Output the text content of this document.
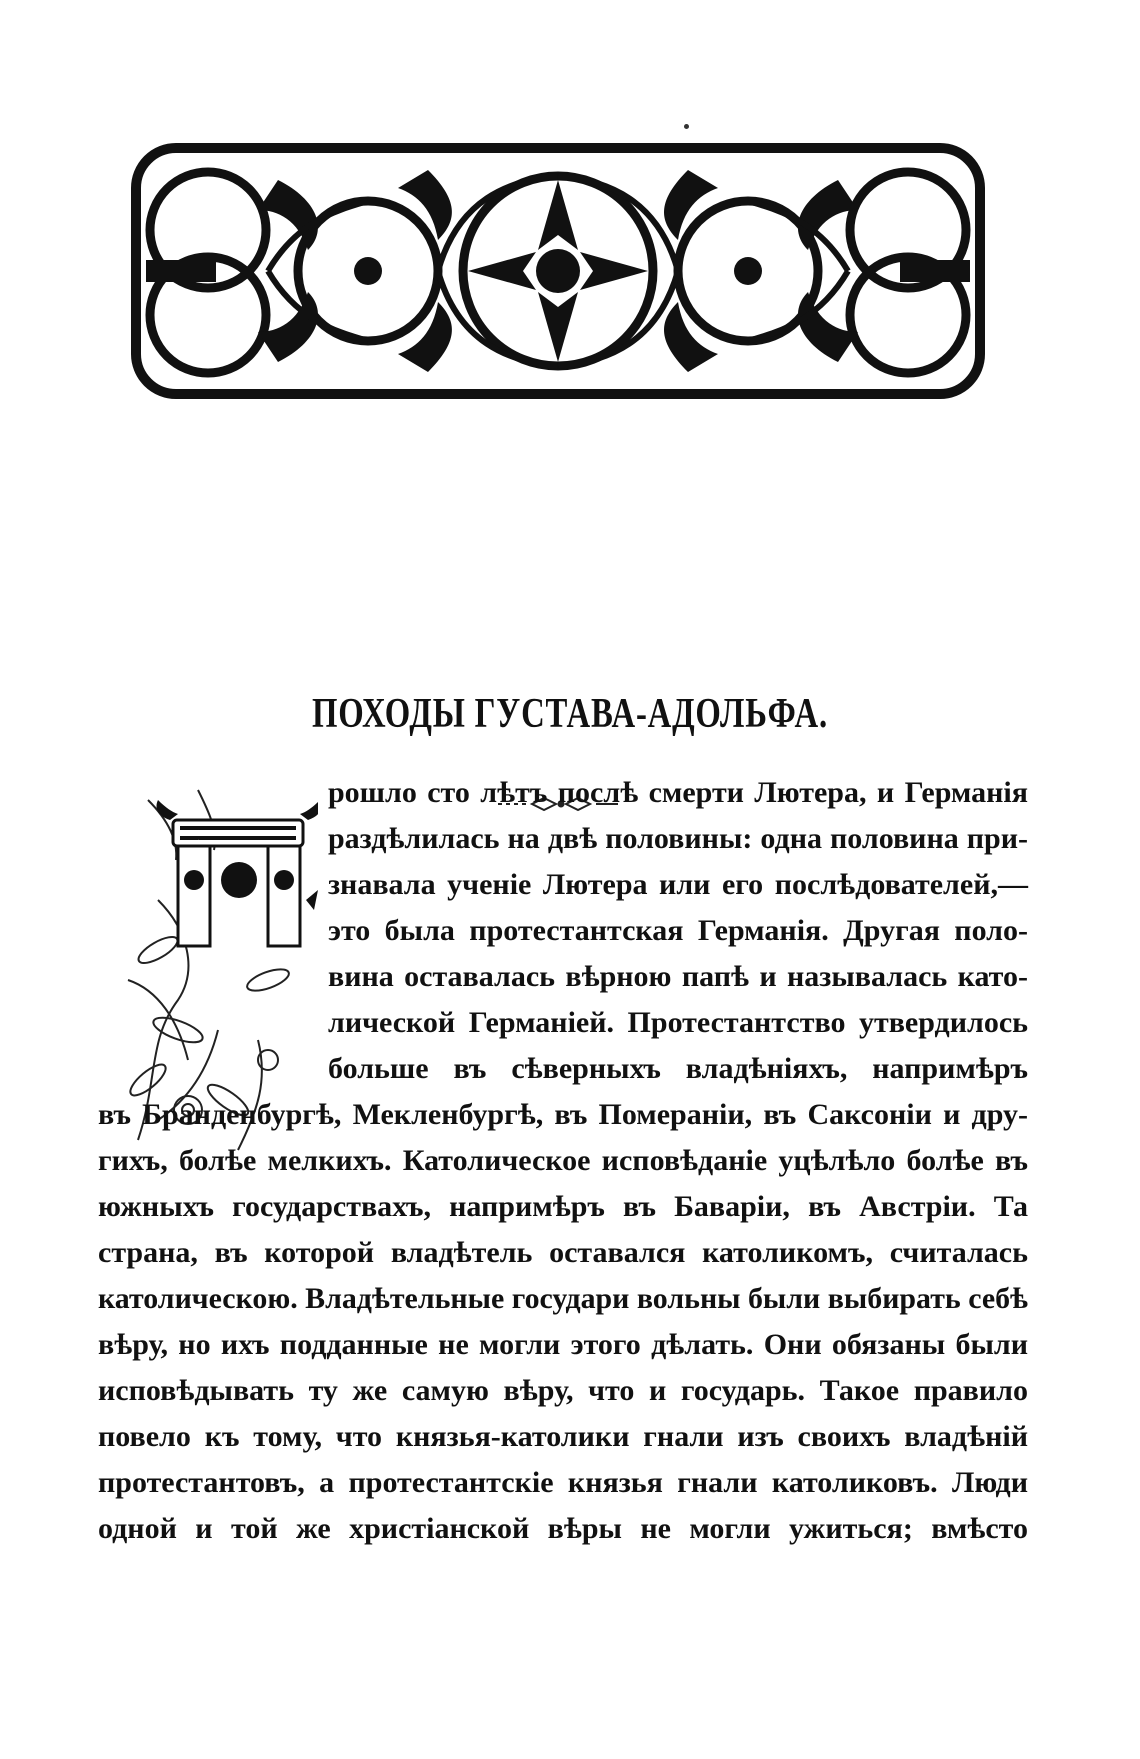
ПОХОДЫ ГУСТАВА-АДОЛЬФА.
П
рошло сто лѣтъ послѣ смерти Лютера, и Германія
раздѣлилась на двѣ половины: одна половина при-
знавала ученіе Лютера или его послѣдователей,—
это была протестантская Германія. Другая поло-
вина оставалась вѣрною папѣ и называлась като-
лической Германіей. Протестантство утвердилось
больше въ сѣверныхъ владѣніяхъ, напримѣръ
въ Бранденбургѣ, Мекленбургѣ, въ Помераніи, въ Саксоніи и дру-
гихъ, болѣе мелкихъ. Католическое исповѣданіе уцѣлѣло болѣе въ
южныхъ государствахъ, напримѣръ въ Баваріи, въ Австріи. Та
страна, въ которой владѣтель оставался католикомъ, считалась
католическою. Владѣтельные государи вольны были выбирать себѣ
вѣру, но ихъ подданные не могли этого дѣлать. Они обязаны были
исповѣдывать ту же самую вѣру, что и государь. Такое правило
повело къ тому, что князья-католики гнали изъ своихъ владѣній
протестантовъ, а протестантскіе князья гнали католиковъ. Люди
одной и той же христіанской вѣры не могли ужиться; вмѣсто
